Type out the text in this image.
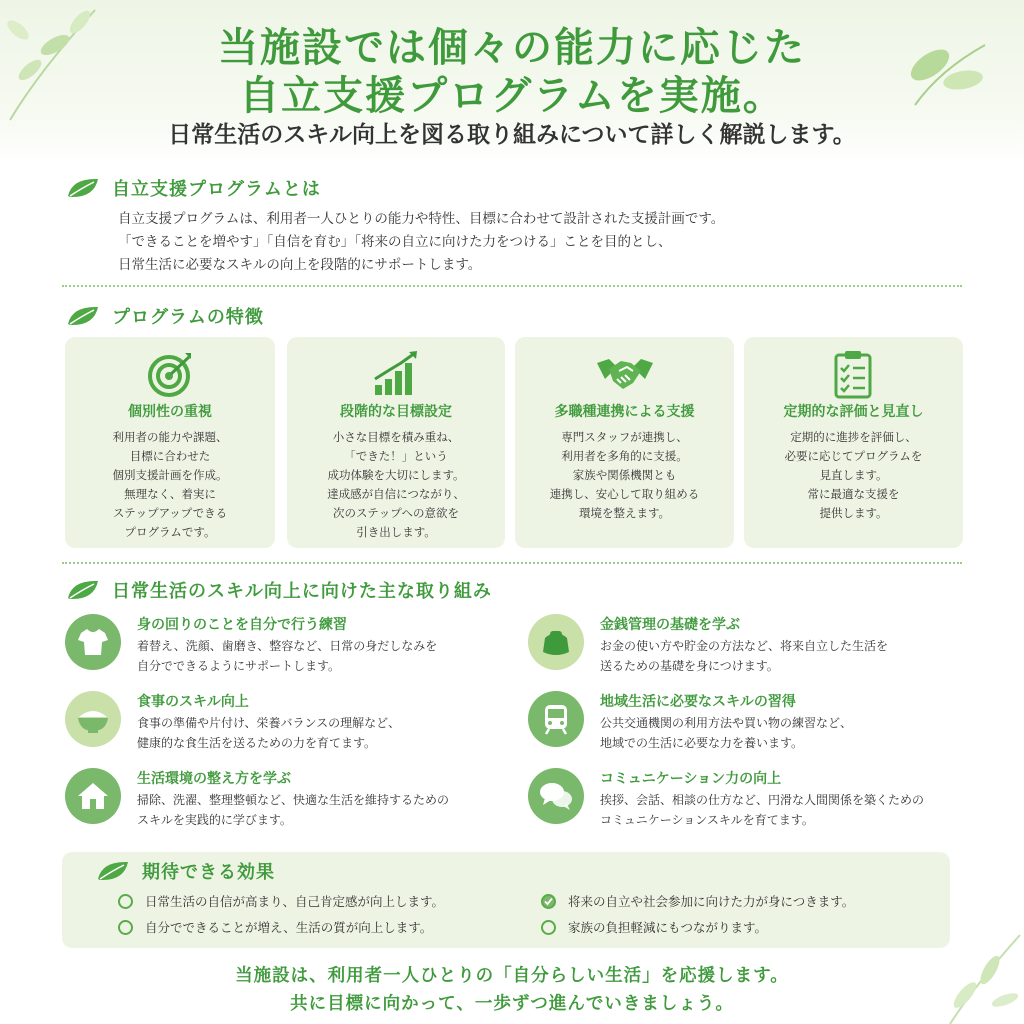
当施設では個々の能力に応じた
自立支援プログラムを実施。

日常生活のスキル向上を図る取り組みについて詳しく解説します。

自立支援プログラムとは

自立支援プログラムは、利用者一人ひとりの能力や特性、目標に合わせて設計された支援計画です。

「できることを増やす」「自信を育む」「将来の自立に向けた力をつける」ことを目的とし、

日常生活に必要なスキルの向上を段階的にサポートします。

プログラムの特徴
個別性の重視
利用者の能力や課題、
目標に合わせた
個別支援計画を作成。
無理なく、着実に
ステップアップできる
プログラムです。
段階的な目標設定
小さな目標を積み重ね、
「できた！」という
成功体験を大切にします。
達成感が自信につながり、
次のステップへの意欲を
引き出します。
多職種連携による支援
専門スタッフが連携し、
利用者を多角的に支援。
家族や関係機関とも
連携し、安心して取り組める
環境を整えます。
定期的な評価と見直し
定期的に進捗を評価し、
必要に応じてプログラムを
見直します。
常に最適な支援を
提供します。
日常生活のスキル向上に向けた主な取り組み
身の回りのことを自分で行う練習
着替え、洗顔、歯磨き、整容など、日常の身だしなみを
自分でできるようにサポートします。
金銭管理の基礎を学ぶ
お金の使い方や貯金の方法など、将来自立した生活を
送るための基礎を身につけます。
食事のスキル向上
食事の準備や片付け、栄養バランスの理解など、
健康的な食生活を送るための力を育てます。
地域生活に必要なスキルの習得
公共交通機関の利用方法や買い物の練習など、
地域での生活に必要な力を養います。
生活環境の整え方を学ぶ
掃除、洗濯、整理整頓など、快適な生活を維持するための
スキルを実践的に学びます。
コミュニケーション力の向上
挨拶、会話、相談の仕方など、円滑な人間関係を築くための
コミュニケーションスキルを育てます。
期待できる効果
日常生活の自信が高まり、自己肯定感が向上します。
自分でできることが増え、生活の質が向上します。
将来の自立や社会参加に向けた力が身につきます。
家族の負担軽減にもつながります。

当施設は、利用者一人ひとりの「自分らしい生活」を応援します。

共に目標に向かって、一歩ずつ進んでいきましょう。
